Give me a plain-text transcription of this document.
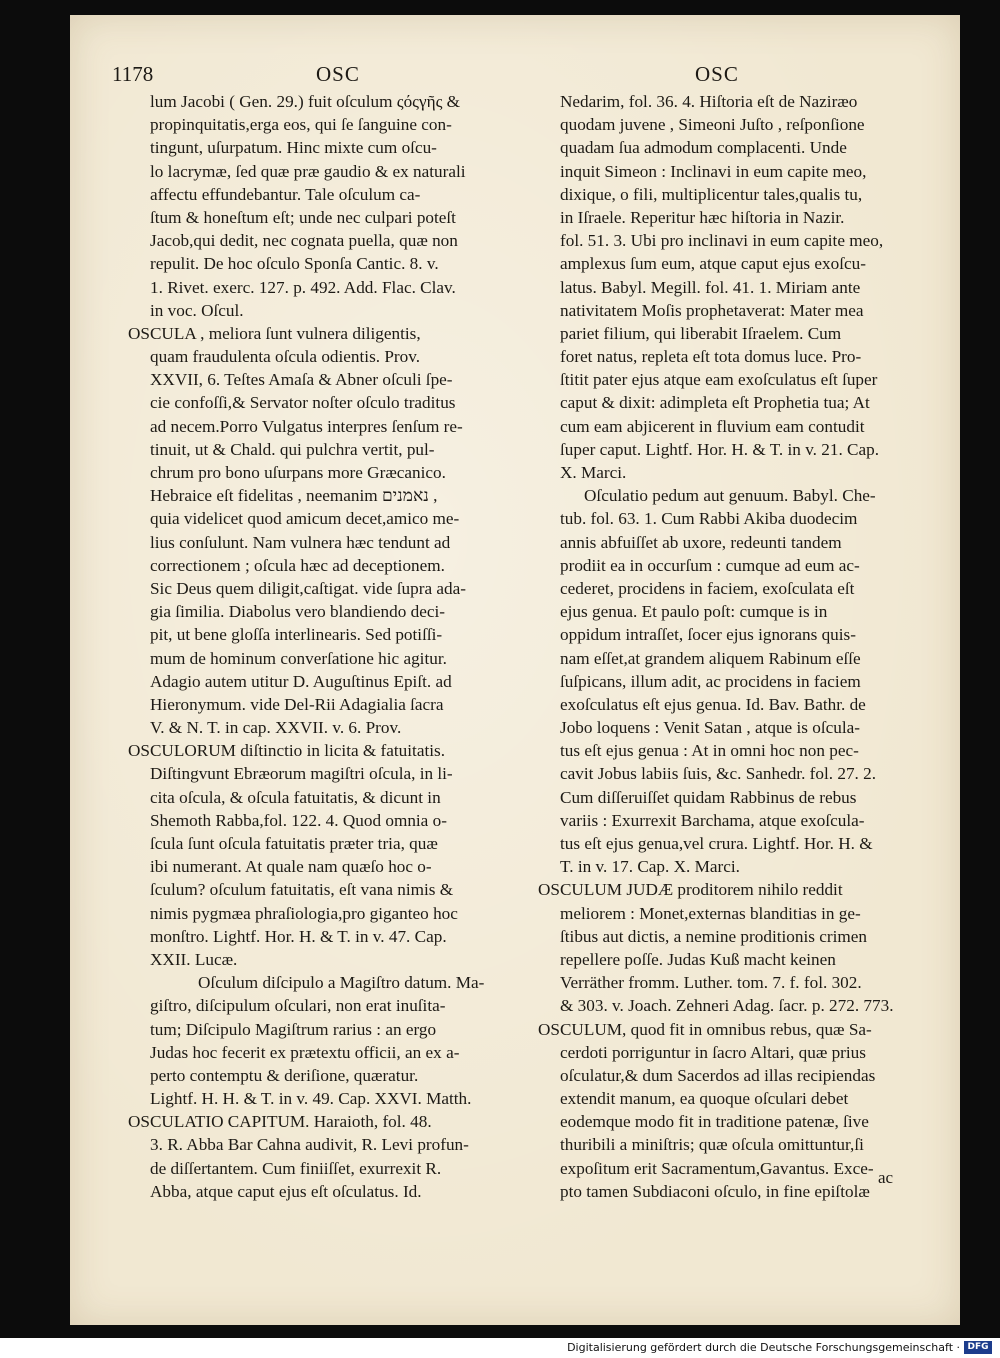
1178	OSC	OSC
lum Jacobi ( Gen. 29.) fuit oſculum ςόςγῆς &
propinquitatis,erga eos, qui ſe ſanguine con-
tingunt, uſurpatum. Hinc mixte cum oſcu-
lo lacrymæ, ſed quæ præ gaudio & ex naturali
affectu effundebantur. Tale oſculum ca-
ſtum & honeſtum eſt; unde nec culpari poteſt
Jacob,qui dedit, nec cognata puella, quæ non
repulit. De hoc oſculo Sponſa Cantic. 8. v.
1. Rivet. exerc. 127. p. 492. Add. Flac. Clav.
in voc. Oſcul.
OSCULA , meliora ſunt vulnera diligentis,
quam fraudulenta oſcula odientis. Prov.
XXVII, 6. Teſtes Amaſa & Abner oſculi ſpe-
cie confoſſi,& Servator noſter oſculo traditus
ad necem.Porro Vulgatus interpres ſenſum re-
tinuit, ut & Chald. qui pulchra vertit, pul-
chrum pro bono uſurpans more Græcanico.
Hebraice eſt fidelitas , neemanim נאמנים ,
quia videlicet quod amicum decet,amico me-
lius conſulunt. Nam vulnera hæc tendunt ad
correctionem ; oſcula hæc ad deceptionem.
Sic Deus quem diligit,caſtigat. vide ſupra ada-
gia ſimilia. Diabolus vero blandiendo deci-
pit, ut bene gloſſa interlinearis. Sed potiſſi-
mum de hominum converſatione hic agitur.
Adagio autem utitur D. Auguſtinus Epiſt. ad
Hieronymum. vide Del-Rii Adagialia ſacra
V. & N. T. in cap. XXVII. v. 6. Prov.
OSCULORUM diſtinctio in licita & fatuitatis.
Diſtingvunt Ebræorum magiſtri oſcula, in li-
cita oſcula, & oſcula fatuitatis, & dicunt in
Shemoth Rabba,fol. 122. 4. Quod omnia o-
ſcula ſunt oſcula fatuitatis præter tria, quæ
ibi numerant. At quale nam quæſo hoc o-
ſculum? oſculum fatuitatis, eſt vana nimis &
nimis pygmæa phraſiologia,pro giganteo hoc
monſtro. Lightf. Hor. H. & T. in v. 47. Cap.
XXII. Lucæ.
Oſculum diſcipulo a Magiſtro datum. Ma-
giſtro, diſcipulum oſculari, non erat inuſita-
tum; Diſcipulo Magiſtrum rarius : an ergo
Judas hoc fecerit ex prætextu officii, an ex a-
perto contemptu & deriſione, quæratur.
Lightf. H. H. & T. in v. 49. Cap. XXVI. Matth.
OSCULATIO CAPITUM. Haraioth, fol. 48.
3. R. Abba Bar Cahna audivit, R. Levi profun-
de diſſertantem. Cum finiiſſet, exurrexit R.
Abba, atque caput ejus eſt oſculatus. Id.
Nedarim, fol. 36. 4. Hiſtoria eſt de Naziræo
quodam juvene , Simeoni Juſto , reſponſione
quadam ſua admodum complacenti. Unde
inquit Simeon : Inclinavi in eum capite meo,
dixique, o fili, multiplicentur tales,qualis tu,
in Iſraele. Reperitur hæc hiſtoria in Nazir.
fol. 51. 3. Ubi pro inclinavi in eum capite meo,
amplexus ſum eum, atque caput ejus exoſcu-
latus. Babyl. Megill. fol. 41. 1. Miriam ante
nativitatem Moſis prophetaverat: Mater mea
pariet filium, qui liberabit Iſraelem. Cum
foret natus, repleta eſt tota domus luce. Pro-
ſtitit pater ejus atque eam exoſculatus eſt ſuper
caput & dixit: adimpleta eſt Prophetia tua; At
cum eam abjicerent in fluvium eam contudit
ſuper caput. Lightf. Hor. H. & T. in v. 21. Cap.
X. Marci.
Oſculatio pedum aut genuum. Babyl. Che-
tub. fol. 63. 1. Cum Rabbi Akiba duodecim
annis abfuiſſet ab uxore, redeunti tandem
prodiit ea in occurſum : cumque ad eum ac-
cederet, procidens in faciem, exoſculata eſt
ejus genua. Et paulo poſt: cumque is in
oppidum intraſſet, ſocer ejus ignorans quis-
nam eſſet,at grandem aliquem Rabinum eſſe
ſuſpicans, illum adit, ac procidens in faciem
exoſculatus eſt ejus genua. Id. Bav. Bathr. de
Jobo loquens : Venit Satan , atque is oſcula-
tus eſt ejus genua : At in omni hoc non pec-
cavit Jobus labiis ſuis, &c. Sanhedr. fol. 27. 2.
Cum diſſeruiſſet quidam Rabbinus de rebus
variis : Exurrexit Barchama, atque exoſcula-
tus eſt ejus genua,vel crura. Lightf. Hor. H. &
T. in v. 17. Cap. X. Marci.
OSCULUM JUDÆ proditorem nihilo reddit
meliorem : Monet,externas blanditias in ge-
ſtibus aut dictis, a nemine proditionis crimen
repellere poſſe. Judas Kuß macht keinen
Verräther fromm. Luther. tom. 7. f. fol. 302.
& 303. v. Joach. Zehneri Adag. ſacr. p. 272. 773.
OSCULUM, quod fit in omnibus rebus, quæ Sa-
cerdoti porriguntur in ſacro Altari, quæ prius
oſculatur,& dum Sacerdos ad illas recipiendas
extendit manum, ea quoque oſculari debet
eodemque modo fit in traditione patenæ, ſive
thuribili a miniſtris; quæ oſcula omittuntur,ſi
expoſitum erit Sacramentum,Gavantus. Exce-
pto tamen Subdiaconi oſculo, in fine epiſtolæ
ac
Digitalisierung gefördert durch die Deutsche Forschungsgemeinschaft · DFG
